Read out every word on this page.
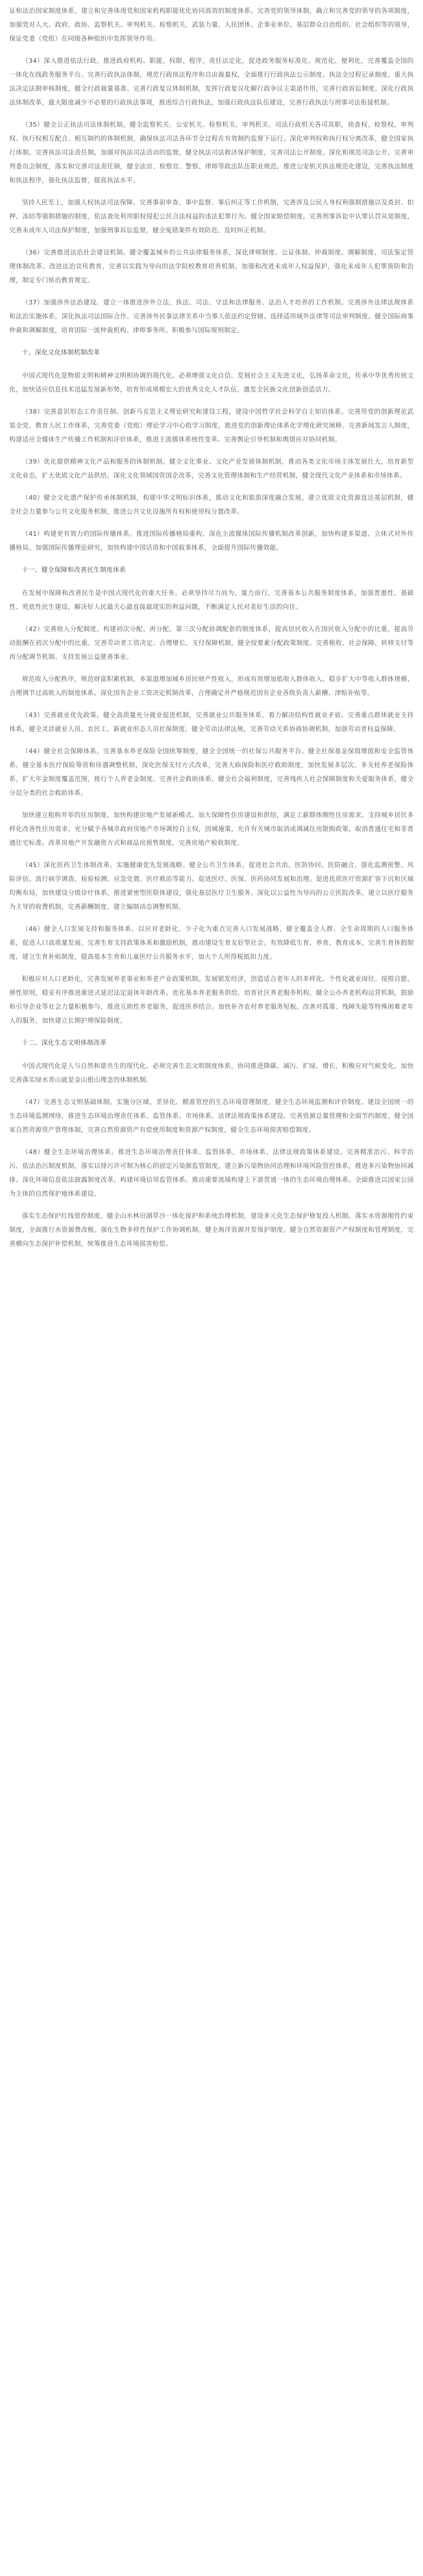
证和法治国家制度体系，建立和完善体现党和国家机构职能优化协同高效的制度体系。完善党的领导体制，确立和完善党的领导的各项制度，加强党对人大、政府、政协、监察机关、审判机关、检察机关、武装力量、人民团体、企事业单位、基层群众自治组织、社会组织等的领导，保证党委（党组）在同级各种组织中发挥领导作用。

（34）深入推进依法行政。推进政府机构、职能、权限、程序、责任法定化，促进政务服务标准化、规范化、便利化，完善覆盖全国的一体化在线政务服务平台。完善行政执法体制，规范行政执法程序和自由裁量权，全面推行行政执法公示制度、执法全过程记录制度、重大执法决定法制审核制度，健全行政裁量基准。完善行政复议体制机制，发挥行政复议化解行政争议主渠道作用，完善行政诉讼制度。深化行政执法体制改革，最大限度减少不必要的行政执法事项，推进综合行政执法，加强行政执法队伍建设，完善行政执法与刑事司法衔接机制。

（35）健全公正执法司法体制机制。健全监察机关、公安机关、检察机关、审判机关、司法行政机关各司其职，侦查权、检察权、审判权、执行权相互配合、相互制约的体制机制，确保执法司法各环节全过程在有效制约监督下运行。深化审判权和执行权分离改革，健全国家执行体制。完善执法司法责任制，加强对执法司法活动的监督，健全执法司法救济保护制度，完善司法公开制度。深化和规范司法公开，完善审判委员会制度，落实和完善司法责任制，健全法官、检察官、警察、律师等政法队伍职业规范。推进公安机关执法规范化建设，完善执法制度和执法程序，强化执法监督，提高执法水平。

坚持人民至上，加强人权执法司法保障。完善事前审查、事中监督、事后纠正等工作机制，完善涉及公民人身权利强制措施以及查封、扣押、冻结等强制措施的制度，依法查处利用职权侵犯公民合法权益的违法犯罪行为。健全国家赔偿制度。完善刑事诉讼中认罪认罚从宽制度，完善未成年人司法保护制度，加强刑事诉讼监督，健全冤错案件有效防范、及时纠正机制。

（36）完善推进法治社会建设机制。健全覆盖城乡的公共法律服务体系，深化律师制度、公证体制、仲裁制度、调解制度、司法鉴定管理体制改革。改进法治宣传教育，完善以实践为导向的法学院校教育培养机制。加强和改进未成年人权益保护，强化未成年人犯罪预防和治理，制定专门矫治教育规定。

（37）加强涉外法治建设。建立一体推进涉外立法、执法、司法、守法和法律服务、法治人才培养的工作机制。完善涉外法律法规体系和法治实施体系，深化执法司法国际合作。完善涉外民事法律关系中当事人依法约定管辖、选择适用域外法律等司法审判制度。健全国际商事仲裁和调解制度，培育国际一流仲裁机构、律师事务所。积极参与国际规则制定。

十、深化文化体制机制改革

中国式现代化是物质文明和精神文明相协调的现代化。必须增强文化自信，发展社会主义先进文化，弘扬革命文化，传承中华优秀传统文化，加快适应信息技术迅猛发展新形势，培育形成规模宏大的优秀文化人才队伍，激发全民族文化创新创造活力。

（38）完善意识形态工作责任制。创新马克思主义理论研究和建设工程，建设中国哲学社会科学自主知识体系。完善用党的创新理论武装全党、教育人民工作体系，完善党委（党组）理论学习中心组学习制度，推进党的创新理论体系化学理化研究阐释。完善新闻发言人制度，构建适应全媒体生产传播工作机制和评价体系，推进主流媒体系统性变革。完善舆论引导机制和舆情应对协同机制。

（39）优化提供精神文化产品和服务的体制机制。健全文化事业、文化产业发展体制机制，推动各类文化市场主体发展壮大，培育新型文化业态，扩大优质文化产品供给。深化文化领域国资国企改革，完善文化管理体制和生产经营机制，健全现代文化产业体系和市场体系。

（40）健全文化遗产保护传承体制机制，构建中华文明标识体系，推动文化和旅游深度融合发展。建立优质文化资源直达基层机制，健全社会力量参与公共文化服务机制，推进公共文化设施所有权和使用权分置改革。

（41）构建更有效力的国际传播体系。推进国际传播格局重构，深化主流媒体国际传播机制改革创新，加快构建多渠道、立体式对外传播格局。加强国际传播理论研究，加快构建中国话语和中国叙事体系，全面提升国际传播效能。

十一、健全保障和改善民生制度体系

在发展中保障和改善民生是中国式现代化的重大任务。必须坚持尽力而为、量力而行，完善基本公共服务制度体系，加强普惠性、基础性、兜底性民生建设，解决好人民最关心最直接最现实的利益问题，不断满足人民对美好生活的向往。

（42）完善收入分配制度。构建初次分配、再分配、第三次分配协调配套的制度体系，提高居民收入在国民收入分配中的比重，提高劳动报酬在初次分配中的比重。完善劳动者工资决定、合理增长、支付保障机制，健全按要素分配政策制度。完善税收、社会保障、转移支付等再分配调节机制。支持发展公益慈善事业。

规范收入分配秩序，规范财富积累机制，多渠道增加城乡居民财产性收入，形成有效增加低收入群体收入、稳步扩大中等收入群体规模、合理调节过高收入的制度体系。深化国有企业工资决定机制改革，合理确定并严格规范国有企业各级负责人薪酬、津贴补贴等。

（43）完善就业优先政策。健全高质量充分就业促进机制，完善就业公共服务体系，着力解决结构性就业矛盾。完善重点群体就业支持体系，健全灵活就业人员、农民工、新就业形态人员社保制度，健全劳动法律法规，完善劳动关系协商协调机制，加强劳动者权益保障。

（44）健全社会保障体系。完善基本养老保险全国统筹制度，健全全国统一的社保公共服务平台。健全社保基金保值增值和安全监管体系。健全基本医疗保险筹资和待遇调整机制，深化医保支付方式改革，完善大病保险和医疗救助制度，加快发展多层次、多支柱养老保险体系，扩大年金制度覆盖范围，推行个人养老金制度。完善社会救助体系，健全社会福利制度，完善残疾人社会保障制度和关爱服务体系，健全分层分类的社会救助体系。

加快建立租购并举的住房制度，加快构建房地产发展新模式。加大保障性住房建设和供给，满足工薪群体刚性住房需求。支持城乡居民多样化改善性住房需求。充分赋予各城市政府房地产市场调控自主权，因城施策，允许有关城市取消或调减住房限购政策、取消普通住宅和非普通住宅标准。改革房地产开发融资方式和商品房预售制度。完善房地产税收制度。

（45）深化医药卫生体制改革。实施健康优先发展战略。健全公共卫生体系，促进社会共治、医防协同、医防融合，强化监测预警、风险评估、流行病学调查、检验检测、应急处置、医疗救治等能力。促进医疗、医保、医药协同发展和治理。促进优质医疗资源扩容下沉和区域均衡布局，加快建设分级诊疗体系，推进紧密型医联体建设，强化基层医疗卫生服务。深化以公益性为导向的公立医院改革，建立以医疗服务为主导的收费机制，完善薪酬制度，建立编制动态调整机制。

（46）健全人口发展支持和服务体系。以应对老龄化、少子化为重点完善人口发展战略，健全覆盖全人群、全生命周期的人口服务体系，促进人口高质量发展。完善生育支持政策体系和激励机制，推动建设生育友好型社会。有效降低生育、养育、教育成本，完善生育休假制度，建立生育补贴制度，提高基本生育和儿童医疗公共服务水平，加大个人所得税抵扣力度。

积极应对人口老龄化，完善发展养老事业和养老产业政策机制。发展银发经济，创造适合老年人的多样化、个性化就业岗位。按照自愿、弹性原则，稳妥有序推进渐进式延迟法定退休年龄改革。优化基本养老服务供给，培育社区养老服务机构，健全公办养老机构运营机制，鼓励和引导企业等社会力量积极参与，推进互助性养老服务，促进医养结合。加快补齐农村养老服务短板。改善对孤寡、残障失能等特殊困难老年人的服务，加快建立长期护理保险制度。

十二、深化生态文明体制改革

中国式现代化是人与自然和谐共生的现代化。必须完善生态文明制度体系，协同推进降碳、减污、扩绿、增长，积极应对气候变化，加快完善落实绿水青山就是金山银山理念的体制机制。

（47）完善生态文明基础体制。实施分区域、差异化、精准管控的生态环境管理制度，健全生态环境监测和评价制度。建设全国统一的生态环境监测网络，推进生态环境治理责任体系、监管体系、市场体系、法律法规政策体系建设。完善资源总量管理和全面节约制度，健全国家自然资源资产管理体制，完善自然资源资产有偿使用制度和资源产权制度，健全生态环境损害赔偿制度。

（48）健全生态环境治理体系。推进生态环境治理责任体系、监管体系、市场体系、法律法规政策体系建设。完善精准治污、科学治污、依法治污制度机制，落实以排污许可制为核心的固定污染源监管制度，建立新污染物协同治理和环境风险管控体系，推进多污染物协同减排。深化环境信息依法披露制度改革，构建环境信用监管体系。推动重要流域构建上下游贯通一体的生态环境治理体系。全面推进以国家公园为主体的自然保护地体系建设。

落实生态保护红线管控制度，健全山水林田湖草沙一体化保护和系统治理机制，建设多元化生态保护修复投入机制。落实水资源刚性约束制度，全面推行水资源费改税。强化生物多样性保护工作协调机制。健全海洋资源开发保护制度。健全自然资源资产产权制度和管理制度，完善横向生态保护补偿机制，统筹推进生态环境损害赔偿。
